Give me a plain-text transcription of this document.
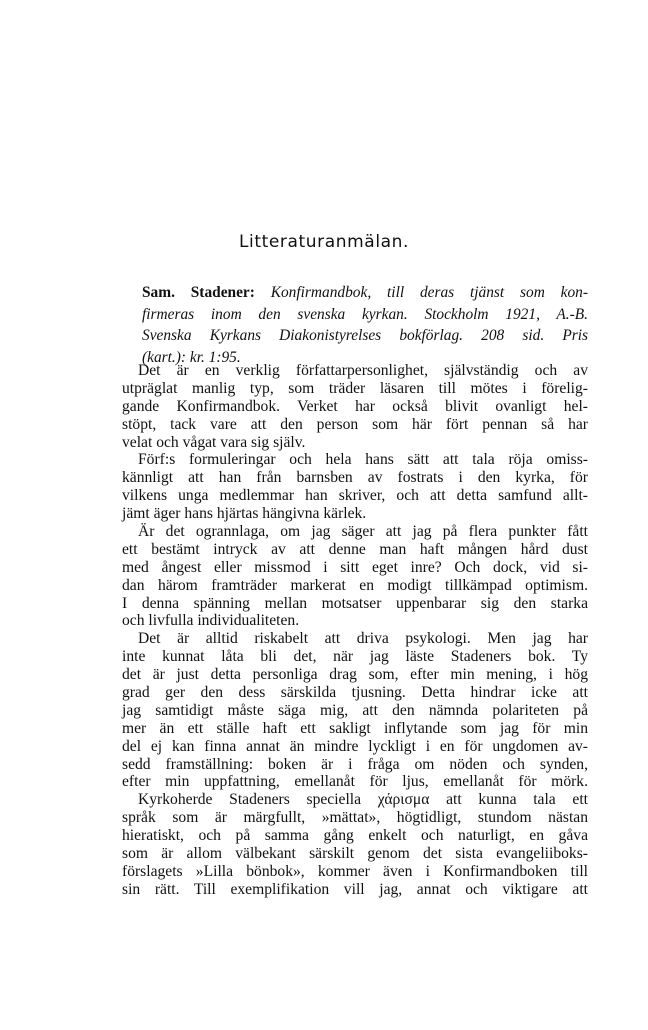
Litteraturanmälan.
Sam. Stadener: Konfirmandbok, till deras tjänst som kon-
firmeras inom den svenska kyrkan. Stockholm 1921, A.-B.
Svenska Kyrkans Diakonistyrelses bokförlag. 208 sid. Pris
(kart.): kr. 1:95.
Det är en verklig författarpersonlighet, självständig och av
utpräglat manlig typ, som träder läsaren till mötes i förelig-
gande Konfirmandbok. Verket har också blivit ovanligt hel-
stöpt, tack vare att den person som här fört pennan så har
velat och vågat vara sig själv.
Förf:s formuleringar och hela hans sätt att tala röja omiss-
kännligt att han från barnsben av fostrats i den kyrka, för
vilkens unga medlemmar han skriver, och att detta samfund allt-
jämt äger hans hjärtas hängivna kärlek.
Är det ogrannlaga, om jag säger att jag på flera punkter fått
ett bestämt intryck av att denne man haft mången hård dust
med ångest eller missmod i sitt eget inre? Och dock, vid si-
dan härom framträder markerat en modigt tillkämpad optimism.
I denna spänning mellan motsatser uppenbarar sig den starka
och livfulla individualiteten.
Det är alltid riskabelt att driva psykologi. Men jag har
inte kunnat låta bli det, när jag läste Stadeners bok. Ty
det är just detta personliga drag som, efter min mening, i hög
grad ger den dess särskilda tjusning. Detta hindrar icke att
jag samtidigt måste säga mig, att den nämnda polariteten på
mer än ett ställe haft ett sakligt inflytande som jag för min
del ej kan finna annat än mindre lyckligt i en för ungdomen av-
sedd framställning: boken är i fråga om nöden och synden,
efter min uppfattning, emellanåt för ljus, emellanåt för mörk.
Kyrkoherde Stadeners speciella χάρισμα att kunna tala ett
språk som är märgfullt, »mättat», högtidligt, stundom nästan
hieratiskt, och på samma gång enkelt och naturligt, en gåva
som är allom välbekant särskilt genom det sista evangeliiboks-
förslagets »Lilla bönbok», kommer även i Konfirmandboken till
sin rätt. Till exemplifikation vill jag, annat och viktigare att
